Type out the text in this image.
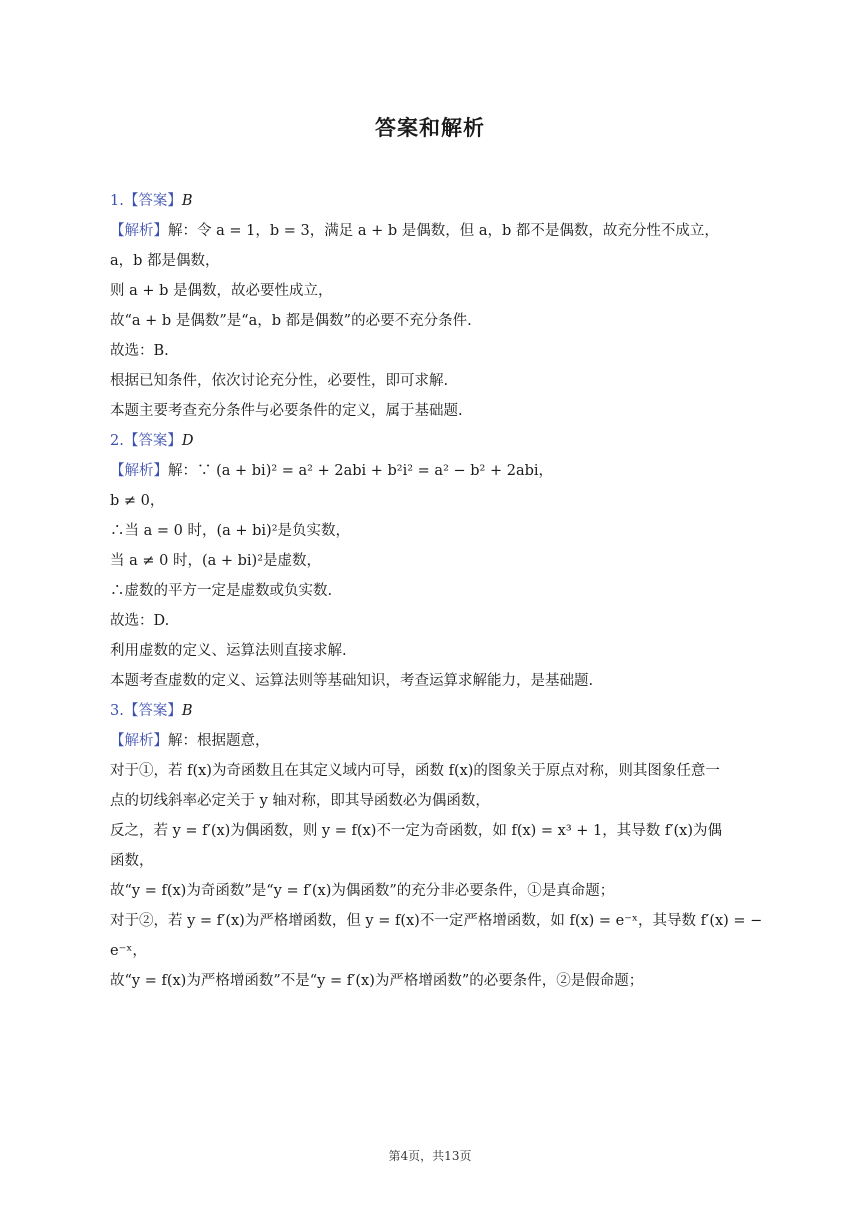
答案和解析
1.【答案】B
【解析】解：令 a = 1，b = 3，满足 a + b 是偶数，但 a，b 都不是偶数，故充分性不成立，
a，b 都是偶数，
则 a + b 是偶数，故必要性成立，
故“a + b 是偶数”是“a，b 都是偶数”的必要不充分条件.
故选：B.
根据已知条件，依次讨论充分性，必要性，即可求解.
本题主要考查充分条件与必要条件的定义，属于基础题.
2.【答案】D
【解析】解：∵ (a + bi)² = a² + 2abi + b²i² = a² − b² + 2abi，
b ≠ 0，
∴当 a = 0 时，(a + bi)²是负实数，
当 a ≠ 0 时，(a + bi)²是虚数，
∴虚数的平方一定是虚数或负实数.
故选：D.
利用虚数的定义、运算法则直接求解.
本题考查虚数的定义、运算法则等基础知识，考查运算求解能力，是基础题.
3.【答案】B
【解析】解：根据题意，
对于①，若 f(x)为奇函数且在其定义域内可导，函数 f(x)的图象关于原点对称，则其图象任意一
点的切线斜率必定关于 y 轴对称，即其导函数必为偶函数，
反之，若 y = f′(x)为偶函数，则 y = f(x)不一定为奇函数，如 f(x) = x³ + 1，其导数 f′(x)为偶
函数，
故“y = f(x)为奇函数”是“y = f′(x)为偶函数”的充分非必要条件，①是真命题；
对于②，若 y = f′(x)为严格增函数，但 y = f(x)不一定严格增函数，如 f(x) = e⁻ˣ，其导数 f′(x) = −
e⁻ˣ，
故“y = f(x)为严格增函数”不是“y = f′(x)为严格增函数”的必要条件，②是假命题；
第4页，共13页
